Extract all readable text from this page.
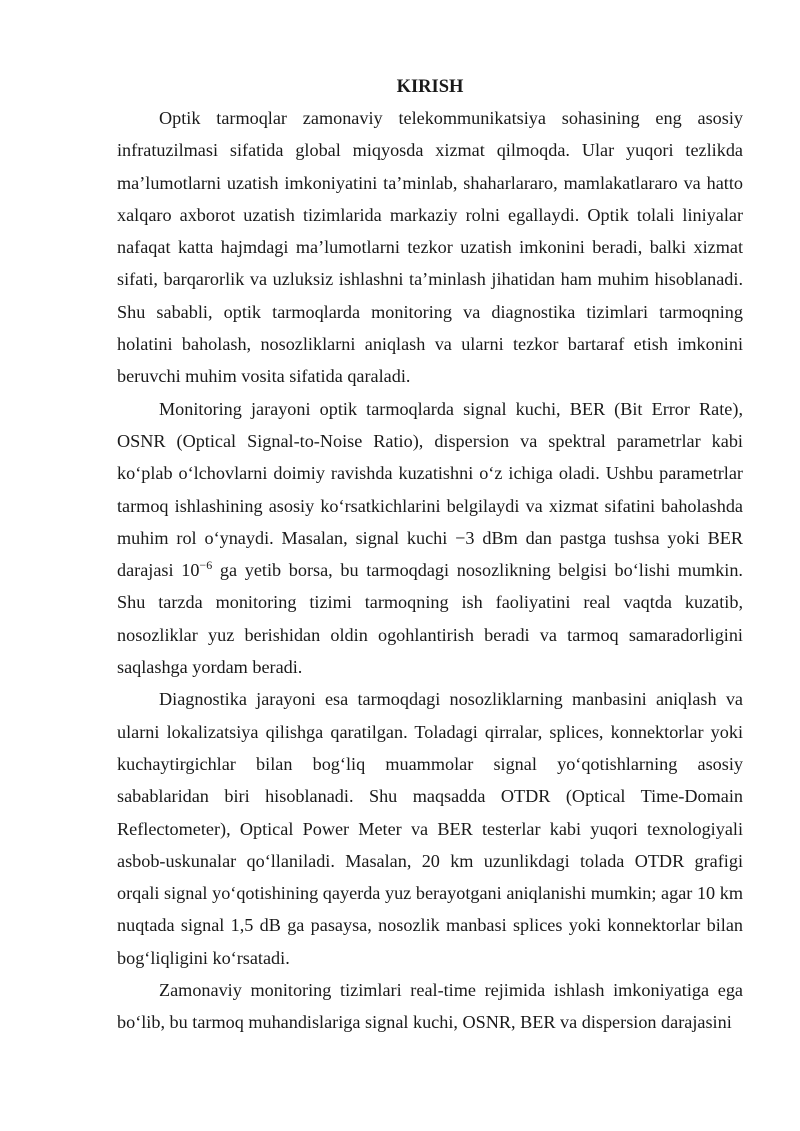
KIRISH

Optik tarmoqlar zamonaviy telekommunikatsiya sohasining eng asosiy infratuzilmasi sifatida global miqyosda xizmat qilmoqda. Ular yuqori tezlikda ma’lumotlarni uzatish imkoniyatini ta’minlab, shaharlararo, mamlakatlararo va hatto xalqaro axborot uzatish tizimlarida markaziy rolni egallaydi. Optik tolali liniyalar nafaqat katta hajmdagi ma’lumotlarni tezkor uzatish imkonini beradi, balki xizmat sifati, barqarorlik va uzluksiz ishlashni ta’minlash jihatidan ham muhim hisoblanadi. Shu sababli, optik tarmoqlarda monitoring va diagnostika tizimlari tarmoqning holatini baholash, nosozliklarni aniqlash va ularni tezkor bartaraf etish imkonini beruvchi muhim vosita sifatida qaraladi.

Monitoring jarayoni optik tarmoqlarda signal kuchi, BER (Bit Error Rate), OSNR (Optical Signal-to-Noise Ratio), dispersion va spektral parametrlar kabi ko‘plab o‘lchovlarni doimiy ravishda kuzatishni o‘z ichiga oladi. Ushbu parametrlar tarmoq ishlashining asosiy ko‘rsatkichlarini belgilaydi va xizmat sifatini baholashda muhim rol o‘ynaydi. Masalan, signal kuchi −3 dBm dan pastga tushsa yoki BER darajasi $10^{-6}$ ga yetib borsa, bu tarmoqdagi nosozlikning belgisi bo‘lishi mumkin. Shu tarzda monitoring tizimi tarmoqning ish faoliyatini real vaqtda kuzatib, nosozliklar yuz berishidan oldin ogohlantirish beradi va tarmoq samaradorligini saqlashga yordam beradi.

Diagnostika jarayoni esa tarmoqdagi nosozliklarning manbasini aniqlash va ularni lokalizatsiya qilishga qaratilgan. Toladagi qirralar, splices, konnektorlar yoki kuchaytirgichlar bilan bog‘liq muammolar signal yo‘qotishlarning asosiy sabablaridan biri hisoblanadi. Shu maqsadda OTDR (Optical Time-Domain Reflectometer), Optical Power Meter va BER testerlar kabi yuqori texnologiyali asbob-uskunalar qo‘llaniladi. Masalan, 20 km uzunlikdagi tolada OTDR grafigi orqali signal yo‘qotishining qayerda yuz berayotgani aniqlanishi mumkin; agar 10 km nuqtada signal 1,5 dB ga pasaysa, nosozlik manbasi splices yoki konnektorlar bilan bog‘liqligini ko‘rsatadi.

Zamonaviy monitoring tizimlari real-time rejimida ishlash imkoniyatiga ega bo‘lib, bu tarmoq muhandislariga signal kuchi, OSNR, BER va dispersion darajasini
